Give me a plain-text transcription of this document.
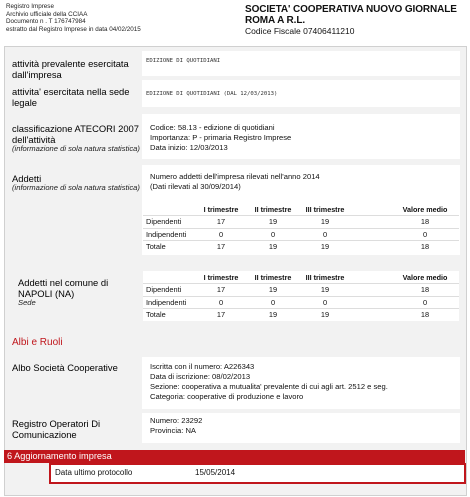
Registro Imprese
Archivio ufficiale della CCIAA
Documento n . T 176747984
estratto dal Registro Imprese in data 04/02/2015
SOCIETA' COOPERATIVA NUOVO GIORNALE ROMA A R.L.
Codice Fiscale 07406411210
attività prevalente esercitata dall'impresa
EDIZIONE DI QUOTIDIANI
attivita' esercitata nella sede legale
EDIZIONE DI QUOTIDIANI (DAL 12/03/2013)
classificazione ATECORI 2007 dell'attività
(informazione di sola natura statistica)
Codice: 58.13 - edizione di quotidiani
Importanza: P - primaria Registro Imprese
Data inizio: 12/03/2013
Addetti
(informazione di sola natura statistica)
Numero addetti dell'impresa rilevati nell'anno 2014
(Dati rilevati al 30/09/2014)
	I trimestre	II trimestre	III trimestre		Valore medio
Dipendenti	17	19	19		18
Indipendenti	0	0	0		0
Totale	17	19	19		18
Addetti nel comune di NAPOLI (NA)
Sede
	I trimestre	II trimestre	III trimestre		Valore medio
Dipendenti	17	19	19		18
Indipendenti	0	0	0		0
Totale	17	19	19		18
Albi e Ruoli
Albo Società Cooperative	Iscritta con il numero: A226343
Data di iscrizione: 08/02/2013
Sezione: cooperativa a mutualita' prevalente di cui agli art. 2512 e seg.
Categoria: cooperative di produzione e lavoro
Registro Operatori Di Comunicazione
Numero: 23292
Provincia: NA
6 Aggiornamento impresa
Data ultimo protocollo	15/05/2014
